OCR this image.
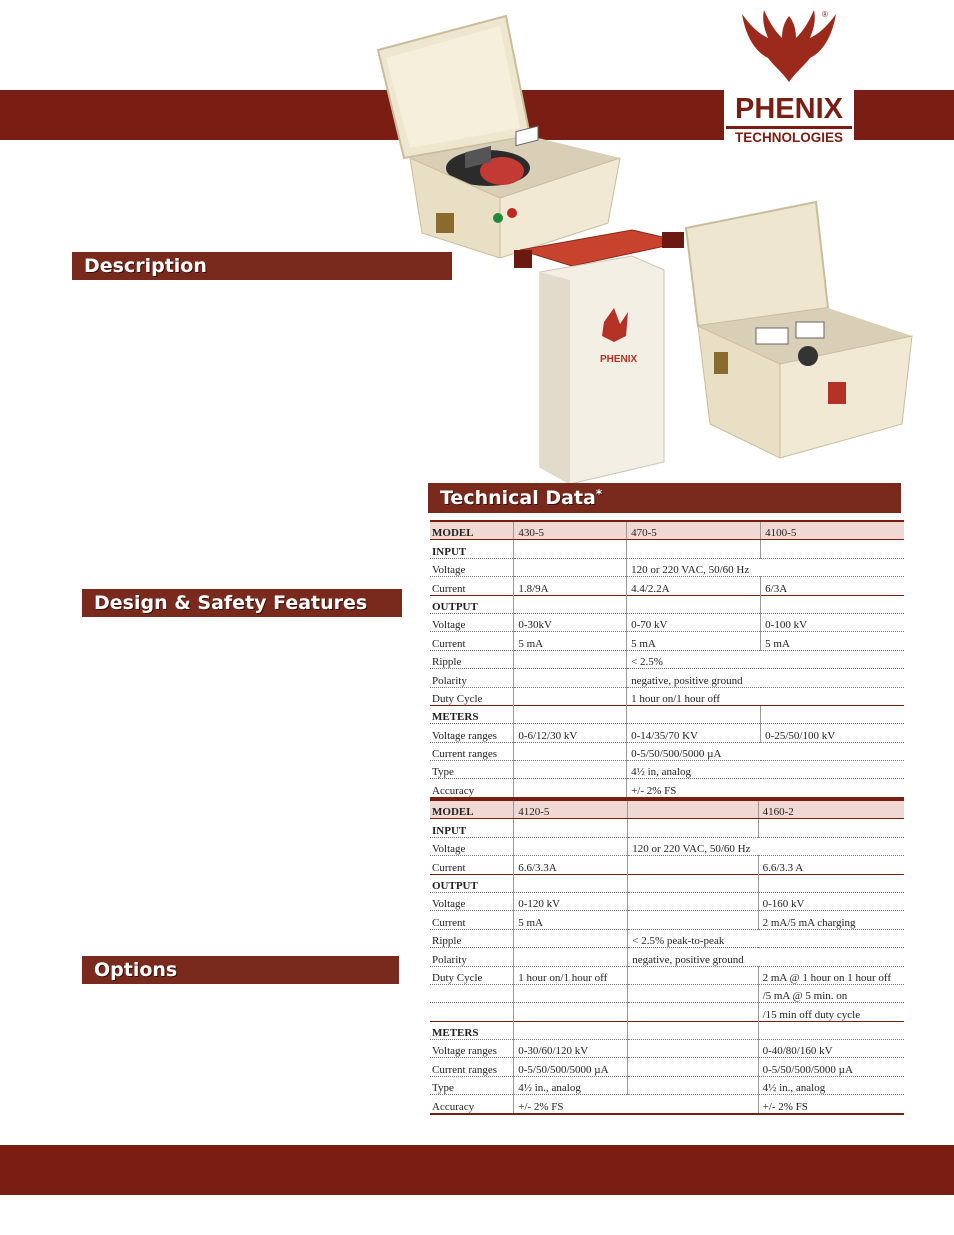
PHENIX
PHENIX
TECHNOLOGIES
®
Description
Design & Safety Features
Options
Technical Data*
MODEL	430-5	470-5	4100-5
INPUT			
Voltage		120 or 220 VAC, 50/60 Hz	
Current	1.8/9A	4.4/2.2A	6/3A
OUTPUT			
Voltage	0-30kV	0-70 kV	0-100 kV
Current	5 mA	5 mA	5 mA
Ripple		< 2.5%	
Polarity		negative, positive ground	
Duty Cycle		1 hour on/1 hour off	
METERS			
Voltage ranges	0-6/12/30 kV	0-14/35/70 KV	0-25/50/100 kV
Current ranges		0-5/50/500/5000 µA	
Type		4½ in, analog	
Accuracy		+/- 2% FS	
MODEL	4120-5		4160-2
INPUT			
Voltage		120 or 220 VAC, 50/60 Hz	
Current	6.6/3.3A		6.6/3.3 A
OUTPUT			
Voltage	0-120 kV		0-160 kV
Current	5 mA		2 mA/5 mA charging
Ripple		< 2.5% peak-to-peak	
Polarity		negative, positive ground	
Duty Cycle	1 hour on/1 hour off		2 mA @ 1 hour on 1 hour off
			/5 mA @ 5 min. on
			/15 min off duty cycle
METERS			
Voltage ranges	0-30/60/120 kV		0-40/80/160 kV
Current ranges	0-5/50/500/5000 µA		0-5/50/500/5000 µA
Type	4½ in., analog		4½ in., analog
Accuracy	+/- 2% FS		+/- 2% FS
